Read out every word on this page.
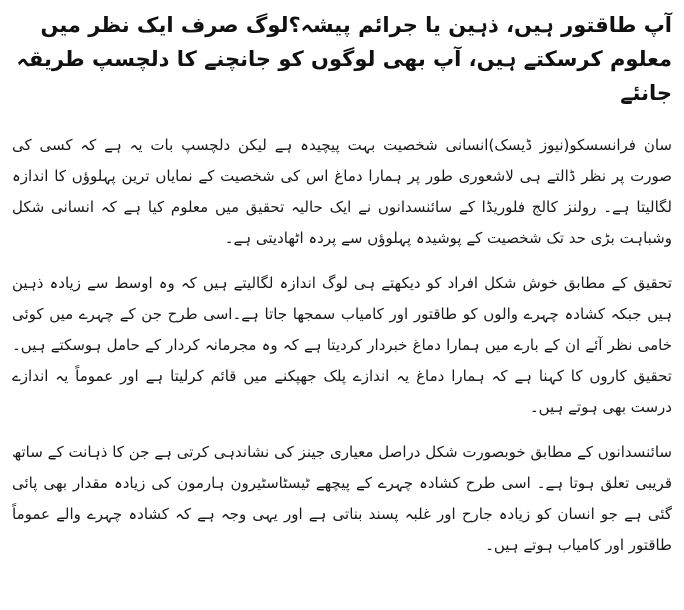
آپ طاقتور ہیں، ذہین یا جرائم پیشہ؟لوگ صرف ایک نظر میں معلوم کرسکتے ہیں، آپ بھی لوگوں کو جانچنے کا دلچسپ طریقہ جانئے

سان فرانسسکو(نیوز ڈیسک)انسانی شخصیت بہت پیچیدہ ہے لیکن دلچسپ بات یہ ہے کہ کسی کی صورت پر نظر ڈالتے ہی لاشعوری طور پر ہمارا دماغ اس کی شخصیت کے نمایاں ترین پہلوﺅں کا اندازہ لگالیتا ہے۔ رولنز کالج فلوریڈا کے سائنسدانوں نے ایک حالیہ تحقیق میں معلوم کیا ہے کہ انسانی شکل وشباہت بڑی حد تک شخصیت کے پوشیدہ پہلوﺅں سے پردہ اٹھادیتی ہے۔

تحقیق کے مطابق خوش شکل افراد کو دیکھتے ہی لوگ اندازہ لگالیتے ہیں کہ وہ اوسط سے زیادہ ذہین ہیں جبکہ کشادہ چہرے والوں کو طاقتور اور کامیاب سمجھا جاتا ہے۔اسی طرح جن کے چہرے میں کوئی خامی نظر آئے ان کے بارے میں ہمارا دماغ خبردار کردیتا ہے کہ وہ مجرمانہ کردار کے حامل ہوسکتے ہیں۔ تحقیق کاروں کا کہنا ہے کہ ہمارا دماغ یہ اندازے پلک جھپکنے میں قائم کرلیتا ہے اور عموماً یہ اندازے درست بھی ہوتے ہیں۔

سائنسدانوں کے مطابق خوبصورت شکل دراصل معیاری جینز کی نشاندہی کرتی ہے جن کا ذہانت کے ساتھ قریبی تعلق ہوتا ہے۔ اسی طرح کشادہ چہرے کے پیچھے ٹیسٹاسٹیرون ہارمون کی زیادہ مقدار بھی پائی گئی ہے جو انسان کو زیادہ جارح اور غلبہ پسند بناتی ہے اور یہی وجہ ہے کہ کشادہ چہرے والے عموماً طاقتور اور کامیاب ہوتے ہیں۔
